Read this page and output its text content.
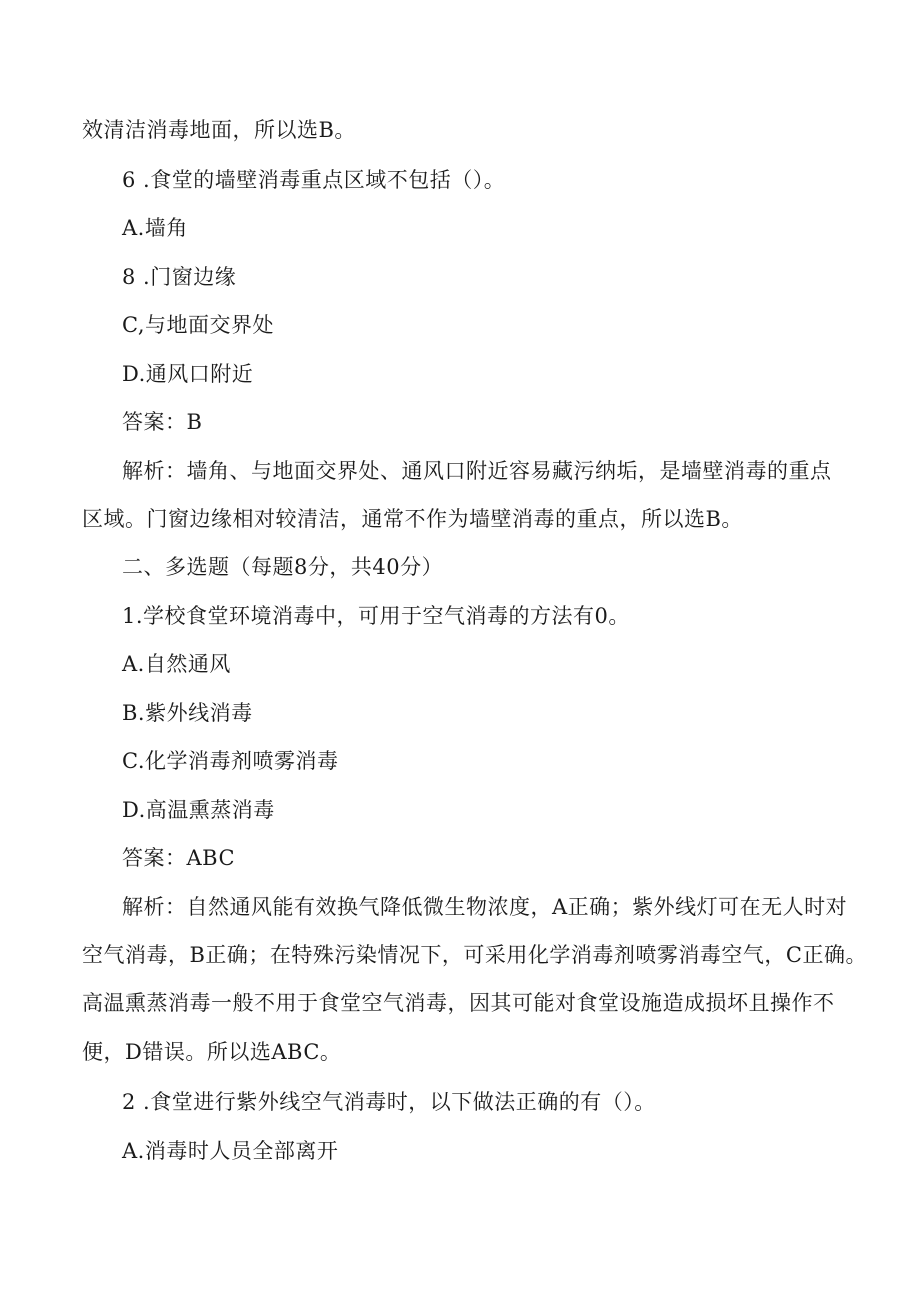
效清洁消毒地面，所以选B。
6 .食堂的墙壁消毒重点区域不包括（）。
A.墙角
8 .门窗边缘
C,与地面交界处
D.通风口附近
答案：B
解析：墙角、与地面交界处、通风口附近容易藏污纳垢，是墙壁消毒的重点
区域。门窗边缘相对较清洁，通常不作为墙壁消毒的重点，所以选B。
二、多选题（每题8分，共40分）
1.学校食堂环境消毒中，可用于空气消毒的方法有0。
A.自然通风
B.紫外线消毒
C.化学消毒剂喷雾消毒
D.高温熏蒸消毒
答案：ABC
解析：自然通风能有效换气降低微生物浓度，A正确；紫外线灯可在无人时对
空气消毒，B正确；在特殊污染情况下，可采用化学消毒剂喷雾消毒空气，C正确。
高温熏蒸消毒一般不用于食堂空气消毒，因其可能对食堂设施造成损坏且操作不
便，D错误。所以选ABC。
2 .食堂进行紫外线空气消毒时，以下做法正确的有（）。
A.消毒时人员全部离开
